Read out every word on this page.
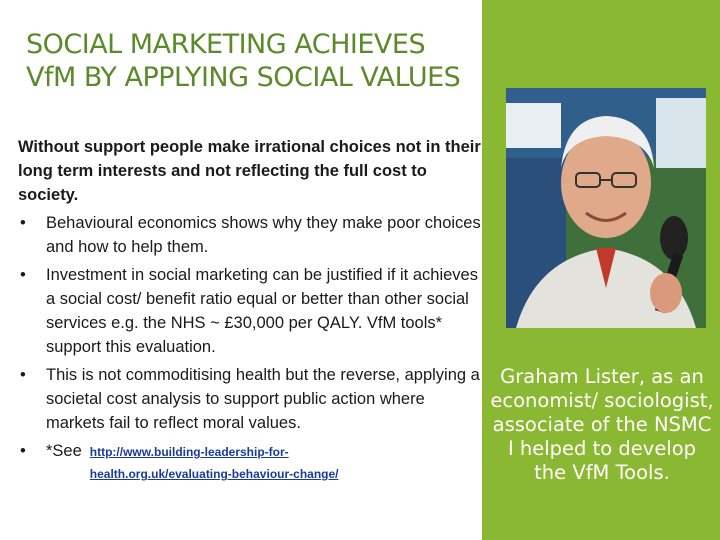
SOCIAL MARKETING ACHIEVES
VfM BY APPLYING SOCIAL VALUES

Without support people make irrational choices not in their long term interests and not reflecting the full cost to society.

• Behavioural economics shows why they make poor choices and how to help them.
• Investment in social marketing can be justified if it achieves a social cost/ benefit ratio equal or better than other social services e.g. the NHS ~ £30,000 per QALY. VfM tools* support this evaluation.
• This is not commoditising health but the reverse, applying a societal cost analysis to support public action where markets fail to reflect moral values.
• *See http://www.building-leadership-for-health.org.uk/evaluating-behaviour-change/
Graham Lister, as an
economist/ sociologist,
associate of the NSMC
I helped to develop
the VfM Tools.
